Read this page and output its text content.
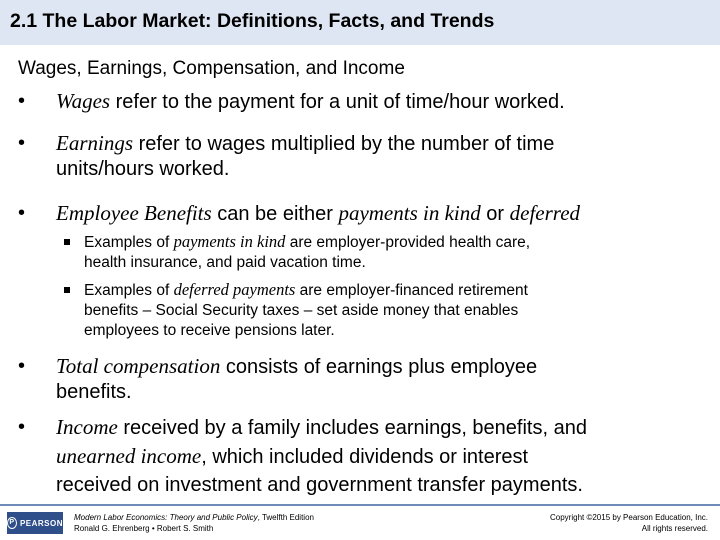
2.1 The Labor Market: Definitions, Facts, and Trends
Wages, Earnings, Compensation, and Income
• Wages refer to the payment for a unit of time/hour worked.
• Earnings refer to wages multiplied by the number of time
units/hours worked.
• Employee Benefits can be either payments in kind or deferred
Examples of payments in kind are employer-provided health care,
health insurance, and paid vacation time.
Examples of deferred payments are employer-financed retirement
benefits – Social Security taxes – set aside money that enables
employees to receive pensions later.
• Total compensation consists of earnings plus employee
benefits.
• Income received by a family includes earnings, benefits, and
unearned income, which included dividends or interest
received on investment and government transfer payments.
P PEARSON
Modern Labor Economics: Theory and Public Policy, Twelfth Edition
Ronald G. Ehrenberg • Robert S. Smith
Copyright ©2015 by Pearson Education, Inc.
All rights reserved.
